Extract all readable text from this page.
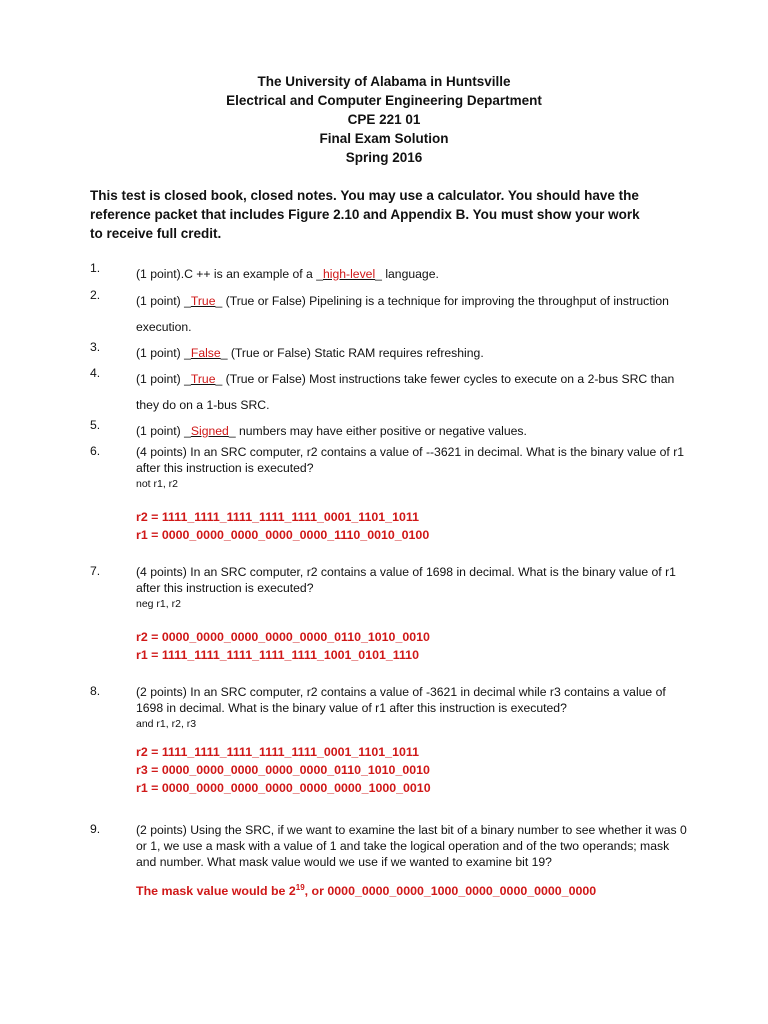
The University of Alabama in Huntsville
Electrical and Computer Engineering Department
CPE 221 01
Final Exam Solution
Spring 2016
This test is closed book, closed notes. You may use a calculator. You should have the reference packet that includes Figure 2.10 and Appendix B. You must show your work to receive full credit.
1.	(1 point).C ++ is an example of a _high-level_ language.
2.	(1 point) _True_ (True or False) Pipelining is a technique for improving the throughput of instruction execution.
3.	(1 point) _False_ (True or False) Static RAM requires refreshing.
4.	(1 point) _True_ (True or False) Most instructions take fewer cycles to execute on a 2-bus SRC than they do on a 1-bus SRC.
5.	(1 point) _Signed_ numbers may have either positive or negative values.
6.	(4 points) In an SRC computer, r2 contains a value of --3621 in decimal. What is the binary value of r1 after this instruction is executed?
not r1, r2
r2 = 1111_1111_1111_1111_1111_0001_1101_1011
r1 = 0000_0000_0000_0000_0000_1110_0010_0100
7.	(4 points) In an SRC computer, r2 contains a value of 1698 in decimal. What is the binary value of r1 after this instruction is executed?
neg r1, r2
r2 = 0000_0000_0000_0000_0000_0110_1010_0010
r1 = 1111_1111_1111_1111_1111_1001_0101_1110
8.	(2 points) In an SRC computer, r2 contains a value of -3621 in decimal while r3 contains a value of 1698 in decimal. What is the binary value of r1 after this instruction is executed?
and r1, r2, r3
r2 = 1111_1111_1111_1111_1111_0001_1101_1011
r3 = 0000_0000_0000_0000_0000_0110_1010_0010
r1 = 0000_0000_0000_0000_0000_0000_1000_0010
9.	(2 points) Using the SRC, if we want to examine the last bit of a binary number to see whether it was 0 or 1, we use a mask with a value of 1 and take the logical operation and of the two operands; mask and number. What mask value would we use if we wanted to examine bit 19?
The mask value would be $2^{19}$, or 0000_0000_0000_1000_0000_0000_0000_0000
